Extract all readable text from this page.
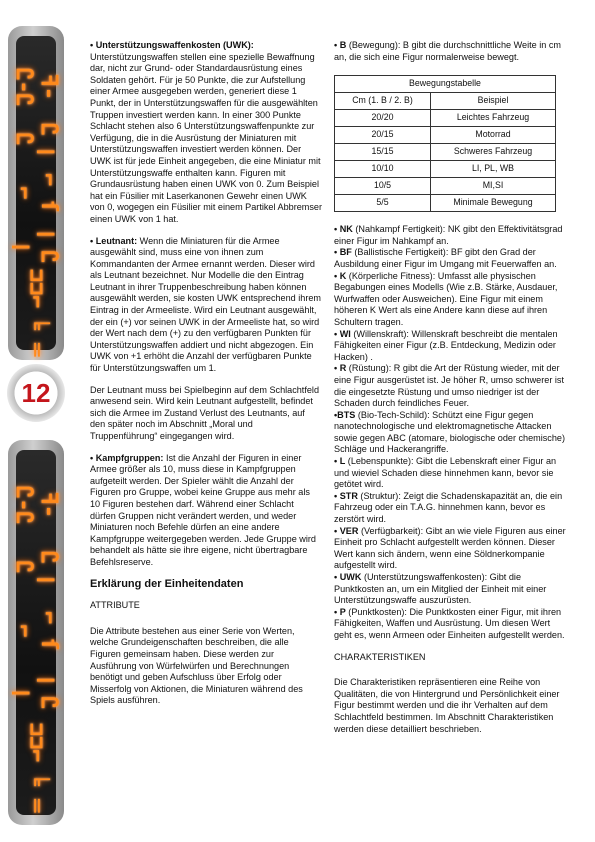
ꟻ-Ꮭ-Ꮭ
Ꮭ ꞁ Ꮭ
⌐ ſ ⌐
ꞁ Ꮭ ꞁ
⊐⊐⌐
╘ ═
12
ꟻ-Ꮭ-Ꮭ
Ꮭ ꞁ Ꮭ
⌐ ſ ⌐
ꞁ Ꮭ ꞁ
⊐⊐⌐
╘ ═

• Unterstützungswaffenkosten (UWK):
Unterstützungswaffen stellen eine spezielle Bewaffnung dar, nicht zur Grund- oder Standardausrüstung eines Soldaten gehört. Für je 50 Punkte, die zur Aufstellung einer Armee ausgegeben werden, generiert diese 1 Punkt, der in Unterstützungswaffen für die ausgewählten Truppen investiert werden kann. In einer 300 Punkte Schlacht stehen also 6 Unterstützungswaffenpunkte zur Verfügung, die in die Ausrüstung der Miniaturen mit Unterstützungswaffen investiert werden können. Der UWK ist für jede Einheit angegeben, die eine Miniatur mit Unterstützungswaffe enthalten kann. Figuren mit Grundausrüstung haben einen UWK von 0. Zum Beispiel hat ein Füsilier mit Laserkanonen Gewehr einen UWK von 0, wogegen ein Füsilier mit einem Partikel Abbremser einen UWK von 1 hat.

• Leutnant: Wenn die Miniaturen für die Armee ausgewählt sind, muss eine von ihnen zum Kommandanten der Armee ernannt werden. Dieser wird als Leutnant bezeichnet. Nur Modelle die den Eintrag Leutnant in ihrer Truppenbeschreibung haben können ausgewählt werden, sie kosten UWK entsprechend ihrem Eintrag in der Armeeliste. Wird ein Leutnant ausgewählt, der ein (+) vor seinen UWK in der Armeeliste hat, so wird der Wert nach dem (+) zu den verfügbaren Punkten für Unterstützungswaffen addiert und nicht abgezogen. Ein UWK von +1 erhöht die Anzahl der verfügbaren Punkte für Unterstützungswaffen um 1.

Der Leutnant muss bei Spielbeginn auf dem Schlachtfeld anwesend sein. Wird kein Leutnant aufgestellt, befindet sich die Armee im Zustand Verlust des Leutnants, auf den später noch im Abschnitt „Moral und Truppenführung“ eingegangen wird.

• Kampfgruppen: Ist die Anzahl der Figuren in einer Armee größer als 10, muss diese in Kampfgruppen aufgeteilt werden. Der Spieler wählt die Anzahl der Figuren pro Gruppe, wobei keine Gruppe aus mehr als 10 Figuren bestehen darf. Während einer Schlacht dürfen Gruppen nicht verändert werden, und weder Miniaturen noch Befehle dürfen an eine andere Kampfgruppe weitergegeben werden. Jede Gruppe wird behandelt als hätte sie ihre eigene, nicht übertragbare Befehlsreserve.

Erklärung der Einheitendaten
ATTRIBUTE

Die Attribute bestehen aus einer Serie von Werten, welche Grundeigenschaften beschreiben, die alle Figuren gemeinsam haben. Diese werden zur Ausführung von Würfelwürfen und Berechnungen benötigt und geben Aufschluss über Erfolg oder Misserfolg von Aktionen, die Miniaturen während des Spiels ausführen.

• B (Bewegung): B gibt die durchschnittliche Weite in cm an, die sich eine Figur normalerweise bewegt.

Bewegungstabelle	
Cm (1. B / 2. B)	Beispiel
20/20	Leichtes Fahrzeug
20/15	Motorrad
15/15	Schweres Fahrzeug
10/10	LI, PL, WB
10/5	MI,SI
5/5	Minimale Bewegung

• NK (Nahkampf Fertigkeit): NK gibt den Effektivitätsgrad einer Figur im Nahkampf an.

• BF (Ballistische Fertigkeit): BF gibt den Grad der Ausbildung einer Figur im Umgang mit Feuerwaffen an.

• K (Körperliche Fitness): Umfasst alle physischen Begabungen eines Modells (Wie z.B. Stärke, Ausdauer, Wurfwaffen oder Ausweichen). Eine Figur mit einem höheren K Wert als eine Andere kann diese auf ihren Schultern tragen.

• WI (Willenskraft): Willenskraft beschreibt die mentalen Fähigkeiten einer Figur (z.B. Entdeckung, Medizin oder Hacken) .

• R (Rüstung): R gibt die Art der Rüstung wieder, mit der eine Figur ausgerüstet ist. Je höher R, umso schwerer ist die eingesetzte Rüstung und umso niedriger ist der Schaden durch feindliches Feuer.

•BTS (Bio-Tech-Schild): Schützt eine Figur gegen nanotechnologische und elektromagnetische Attacken sowie gegen ABC (atomare, biologische oder chemische) Schläge und Hackerangriffe.

• L (Lebenspunkte): Gibt die Lebenskraft einer Figur an und wieviel Schaden diese hinnehmen kann, bevor sie getötet wird.

• STR (Struktur): Zeigt die Schadenskapazität an, die ein Fahrzeug oder ein T.A.G. hinnehmen kann, bevor es zerstört wird.

• VER (Verfügbarkeit): Gibt an wie viele Figuren aus einer Einheit pro Schlacht aufgestellt werden können. Dieser Wert kann sich ändern, wenn eine Söldnerkompanie aufgestellt wird.

• UWK (Unterstützungswaffenkosten): Gibt die Punktkosten an, um ein Mitglied der Einheit mit einer Unterstützungswaffe auszurüsten.

• P (Punktkosten): Die Punktkosten einer Figur, mit ihren Fähigkeiten, Waffen und Ausrüstung. Um diesen Wert geht es, wenn Armeen oder Einheiten aufgestellt werden.

CHARAKTERISTIKEN

Die Charakteristiken repräsentieren eine Reihe von Qualitäten, die von Hintergrund und Persönlichkeit einer Figur bestimmt werden und die ihr Verhalten auf dem Schlachtfeld bestimmen. Im Abschnitt Charakteristiken werden diese detailliert beschrieben.
